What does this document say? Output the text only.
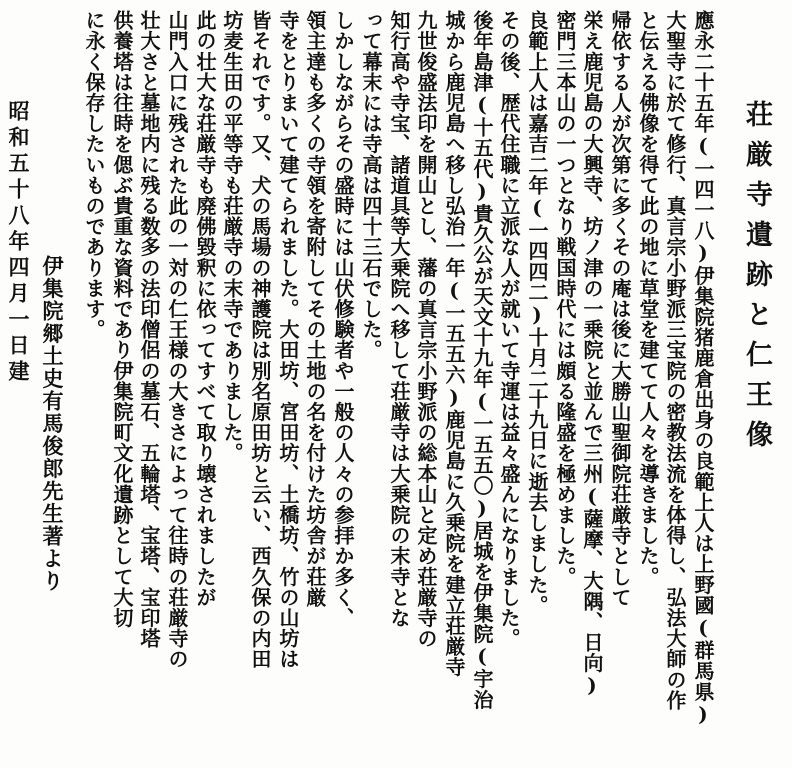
荘厳寺遺跡と仁王像
應永二十五年(一四一八)伊集院猪鹿倉出身の良範上人は上野國(群馬県)
大聖寺に於て修行、真言宗小野派三宝院の密教法流を体得し、弘法大師の作
と伝える佛像を得て此の地に草堂を建てて人々を導きました。
帰依する人が次第に多くその庵は後に大勝山聖御院荘厳寺として
栄え鹿児島の大興寺、坊ノ津の一乗院と並んで三州(薩摩、大隅、日向)
密門三本山の一つとなり戦国時代には頗る隆盛を極めました。
良範上人は嘉吉二年(一四四二)十月二十九日に逝去しました。
その後、歴代住職に立派な人が就いて寺運は益々盛んになりました。
後年島津(十五代)貴久公が天文十九年(一五五〇)居城を伊集院(宇治
城から鹿児島へ移し弘治一年(一五五六)鹿児島に久乗院を建立荘厳寺
九世俊盛法印を開山とし、藩の真言宗小野派の総本山と定め荘厳寺の
知行高や寺宝、諸道具等大乗院へ移して荘厳寺は大乗院の末寺とな
って幕末には寺高は四十三石でした。
しかしながらその盛時には山伏修験者や一般の人々の参拝か多く、
領主達も多くの寺領を寄附してその土地の名を付けた坊舎が荘厳
寺をとりまいて建てられました。大田坊、宮田坊、土橋坊、竹の山坊は
皆それです。又、犬の馬場の神護院は別名原田坊と云い、西久保の内田
坊麦生田の平等寺も荘厳寺の末寺でありました。
此の壮大な荘厳寺も廃佛毀釈に依ってすべて取り壊されましたが
山門入口に残された此の一対の仁王様の大きさによって往時の荘厳寺の
壮大さと墓地内に残る数多の法印僧侶の墓石、五輪塔、宝塔、宝印塔
供養塔は往時を偲ぶ貴重な資料であり伊集院町文化遺跡として大切
に永く保存したいものであります。
伊集院郷土史有馬俊郎先生著より
昭和五十八年四月一日建
